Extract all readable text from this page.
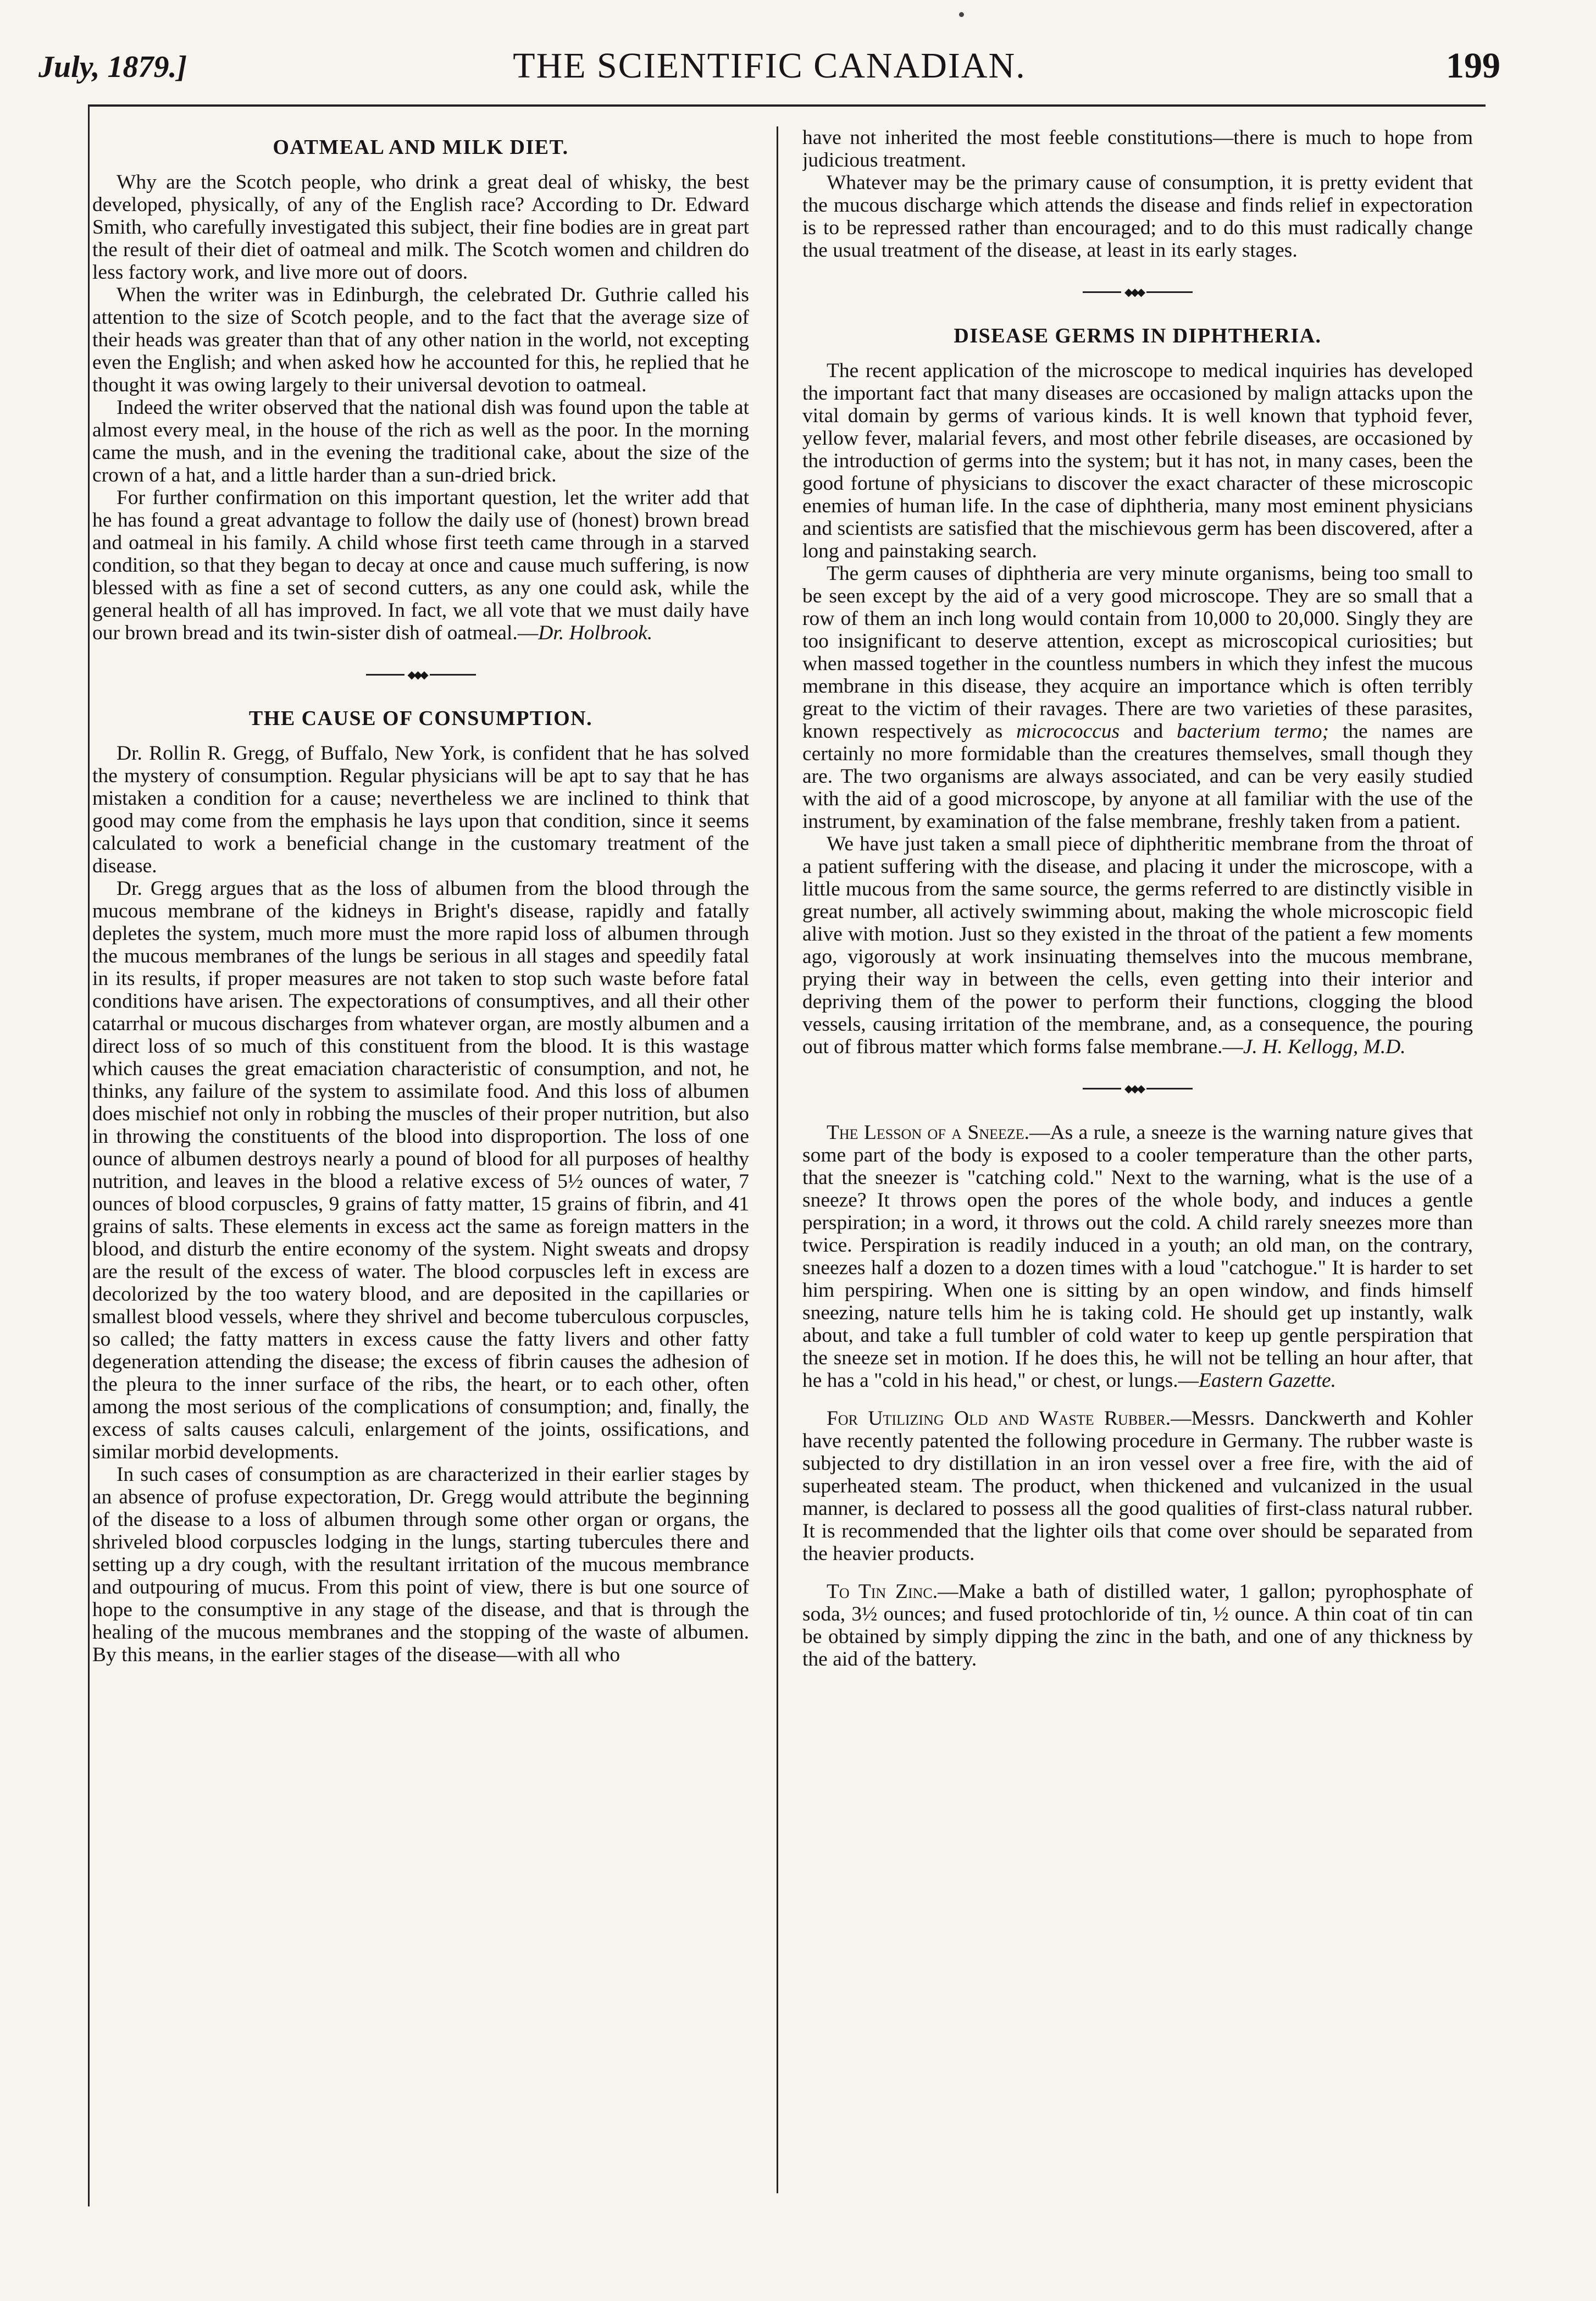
THE SCIENTIFIC CANADIAN.
July, 1879.]	199
OATMEAL AND MILK DIET.

Why are the Scotch people, who drink a great deal of whisky, the best developed, physically, of any of the English race? According to Dr. Edward Smith, who carefully investigated this subject, their fine bodies are in great part the result of their diet of oatmeal and milk. The Scotch women and children do less factory work, and live more out of doors.

When the writer was in Edinburgh, the celebrated Dr. Guthrie called his attention to the size of Scotch people, and to the fact that the average size of their heads was greater than that of any other nation in the world, not excepting even the English; and when asked how he accounted for this, he replied that he thought it was owing largely to their universal devotion to oatmeal.

Indeed the writer observed that the national dish was found upon the table at almost every meal, in the house of the rich as well as the poor. In the morning came the mush, and in the evening the traditional cake, about the size of the crown of a hat, and a little harder than a sun-dried brick.

For further confirmation on this important question, let the writer add that he has found a great advantage to follow the daily use of (honest) brown bread and oatmeal in his family. A child whose first teeth came through in a starved condition, so that they began to decay at once and cause much suffering, is now blessed with as fine a set of second cutters, as any one could ask, while the general health of all has improved. In fact, we all vote that we must daily have our brown bread and its twin-sister dish of oatmeal.—Dr. Holbrook.

◆◆◆
THE CAUSE OF CONSUMPTION.

Dr. Rollin R. Gregg, of Buffalo, New York, is confident that he has solved the mystery of consumption. Regular physicians will be apt to say that he has mistaken a condition for a cause; nevertheless we are inclined to think that good may come from the emphasis he lays upon that condition, since it seems calculated to work a beneficial change in the customary treatment of the disease.

Dr. Gregg argues that as the loss of albumen from the blood through the mucous membrane of the kidneys in Bright's disease, rapidly and fatally depletes the system, much more must the more rapid loss of albumen through the mucous membranes of the lungs be serious in all stages and speedily fatal in its results, if proper measures are not taken to stop such waste before fatal conditions have arisen. The expectorations of consumptives, and all their other catarrhal or mucous discharges from whatever organ, are mostly albumen and a direct loss of so much of this constituent from the blood. It is this wastage which causes the great emaciation characteristic of consumption, and not, he thinks, any failure of the system to assimilate food. And this loss of albumen does mischief not only in robbing the muscles of their proper nutrition, but also in throwing the constituents of the blood into disproportion. The loss of one ounce of albumen destroys nearly a pound of blood for all purposes of healthy nutrition, and leaves in the blood a relative excess of 5½ ounces of water, 7 ounces of blood corpuscles, 9 grains of fatty matter, 15 grains of fibrin, and 41 grains of salts. These elements in excess act the same as foreign matters in the blood, and disturb the entire economy of the system. Night sweats and dropsy are the result of the excess of water. The blood corpuscles left in excess are decolorized by the too watery blood, and are deposited in the capillaries or smallest blood vessels, where they shrivel and become tuberculous corpuscles, so called; the fatty matters in excess cause the fatty livers and other fatty degeneration attending the disease; the excess of fibrin causes the adhesion of the pleura to the inner surface of the ribs, the heart, or to each other, often among the most serious of the complications of consumption; and, finally, the excess of salts causes calculi, enlargement of the joints, ossifications, and similar morbid developments.

In such cases of consumption as are characterized in their earlier stages by an absence of profuse expectoration, Dr. Gregg would attribute the beginning of the disease to a loss of albumen through some other organ or organs, the shriveled blood corpuscles lodging in the lungs, starting tubercules there and setting up a dry cough, with the resultant irritation of the mucous membrance and outpouring of mucus. From this point of view, there is but one source of hope to the consumptive in any stage of the disease, and that is through the healing of the mucous membranes and the stopping of the waste of albumen. By this means, in the earlier stages of the disease—with all who

have not inherited the most feeble constitutions—there is much to hope from judicious treatment.

Whatever may be the primary cause of consumption, it is pretty evident that the mucous discharge which attends the disease and finds relief in expectoration is to be repressed rather than encouraged; and to do this must radically change the usual treatment of the disease, at least in its early stages.

◆◆◆
DISEASE GERMS IN DIPHTHERIA.

The recent application of the microscope to medical inquiries has developed the important fact that many diseases are occasioned by malign attacks upon the vital domain by germs of various kinds. It is well known that typhoid fever, yellow fever, malarial fevers, and most other febrile diseases, are occasioned by the introduction of germs into the system; but it has not, in many cases, been the good fortune of physicians to discover the exact character of these microscopic enemies of human life. In the case of diphtheria, many most eminent physicians and scientists are satisfied that the mischievous germ has been discovered, after a long and painstaking search.

The germ causes of diphtheria are very minute organisms, being too small to be seen except by the aid of a very good microscope. They are so small that a row of them an inch long would contain from 10,000 to 20,000. Singly they are too insignificant to deserve attention, except as microscopical curiosities; but when massed together in the countless numbers in which they infest the mucous membrane in this disease, they acquire an importance which is often terribly great to the victim of their ravages. There are two varieties of these parasites, known respectively as micrococcus and bacterium termo; the names are certainly no more formidable than the creatures themselves, small though they are. The two organisms are always associated, and can be very easily studied with the aid of a good microscope, by anyone at all familiar with the use of the instrument, by examination of the false membrane, freshly taken from a patient.

We have just taken a small piece of diphtheritic membrane from the throat of a patient suffering with the disease, and placing it under the microscope, with a little mucous from the same source, the germs referred to are distinctly visible in great number, all actively swimming about, making the whole microscopic field alive with motion. Just so they existed in the throat of the patient a few moments ago, vigorously at work insinuating themselves into the mucous membrane, prying their way in between the cells, even getting into their interior and depriving them of the power to perform their functions, clogging the blood vessels, causing irritation of the membrane, and, as a consequence, the pouring out of fibrous matter which forms false membrane.—J. H. Kellogg, M.D.

◆◆◆

The Lesson of a Sneeze.—As a rule, a sneeze is the warning nature gives that some part of the body is exposed to a cooler temperature than the other parts, that the sneezer is "catching cold." Next to the warning, what is the use of a sneeze? It throws open the pores of the whole body, and induces a gentle perspiration; in a word, it throws out the cold. A child rarely sneezes more than twice. Perspiration is readily induced in a youth; an old man, on the contrary, sneezes half a dozen to a dozen times with a loud "catchogue." It is harder to set him perspiring. When one is sitting by an open window, and finds himself sneezing, nature tells him he is taking cold. He should get up instantly, walk about, and take a full tumbler of cold water to keep up gentle perspiration that the sneeze set in motion. If he does this, he will not be telling an hour after, that he has a "cold in his head," or chest, or lungs.—Eastern Gazette.

For Utilizing Old and Waste Rubber.—Messrs. Danckwerth and Kohler have recently patented the following procedure in Germany. The rubber waste is subjected to dry distillation in an iron vessel over a free fire, with the aid of superheated steam. The product, when thickened and vulcanized in the usual manner, is declared to possess all the good qualities of first-class natural rubber. It is recommended that the lighter oils that come over should be separated from the heavier products.

To Tin Zinc.—Make a bath of distilled water, 1 gallon; pyrophosphate of soda, 3½ ounces; and fused protochloride of tin, ½ ounce. A thin coat of tin can be obtained by simply dipping the zinc in the bath, and one of any thickness by the aid of the battery.
